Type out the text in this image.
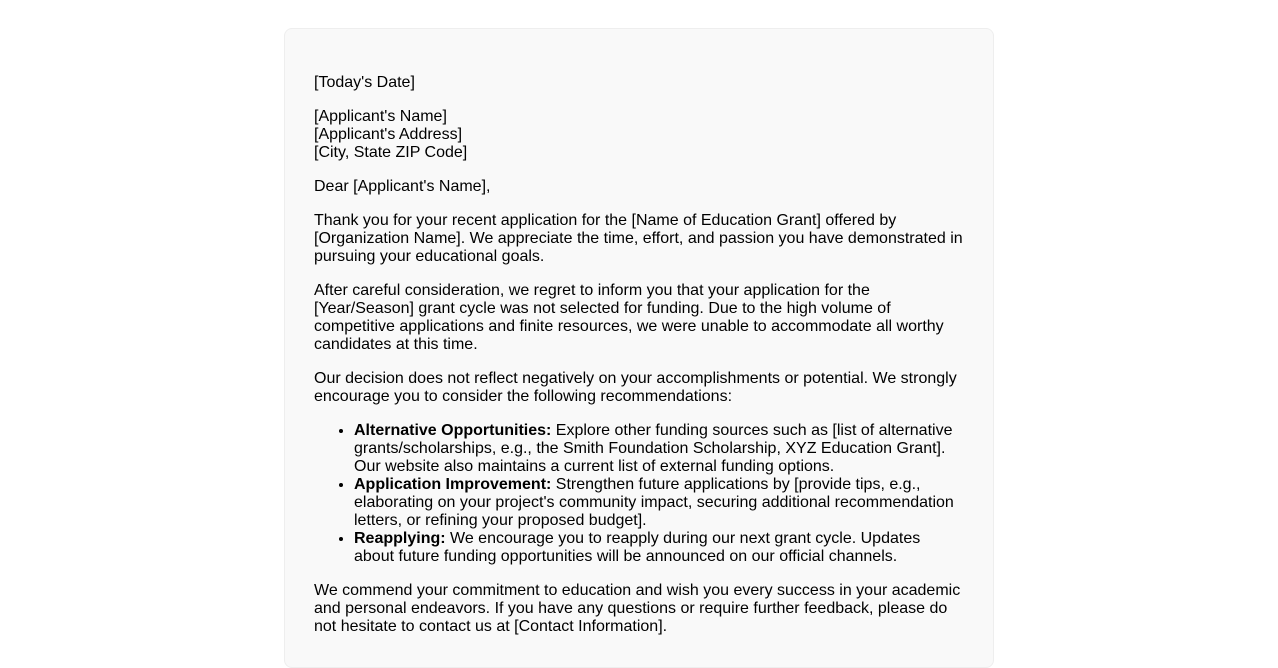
[Today's Date]

[Applicant's Name]
[Applicant's Address]
[City, State ZIP Code]

Dear [Applicant's Name],

Thank you for your recent application for the [Name of Education Grant] offered by [Organization Name]. We appreciate the time, effort, and passion you have demonstrated in pursuing your educational goals.

After careful consideration, we regret to inform you that your application for the [Year/Season] grant cycle was not selected for funding. Due to the high volume of competitive applications and finite resources, we were unable to accommodate all worthy candidates at this time.

Our decision does not reflect negatively on your accomplishments or potential. We strongly encourage you to consider the following recommendations:

• Alternative Opportunities: Explore other funding sources such as [list of alternative grants/scholarships, e.g., the Smith Foundation Scholarship, XYZ Education Grant]. Our website also maintains a current list of external funding options.
• Application Improvement: Strengthen future applications by [provide tips, e.g., elaborating on your project's community impact, securing additional recommendation letters, or refining your proposed budget].
• Reapplying: We encourage you to reapply during our next grant cycle. Updates about future funding opportunities will be announced on our official channels.

We commend your commitment to education and wish you every success in your academic and personal endeavors. If you have any questions or require further feedback, please do not hesitate to contact us at [Contact Information].
